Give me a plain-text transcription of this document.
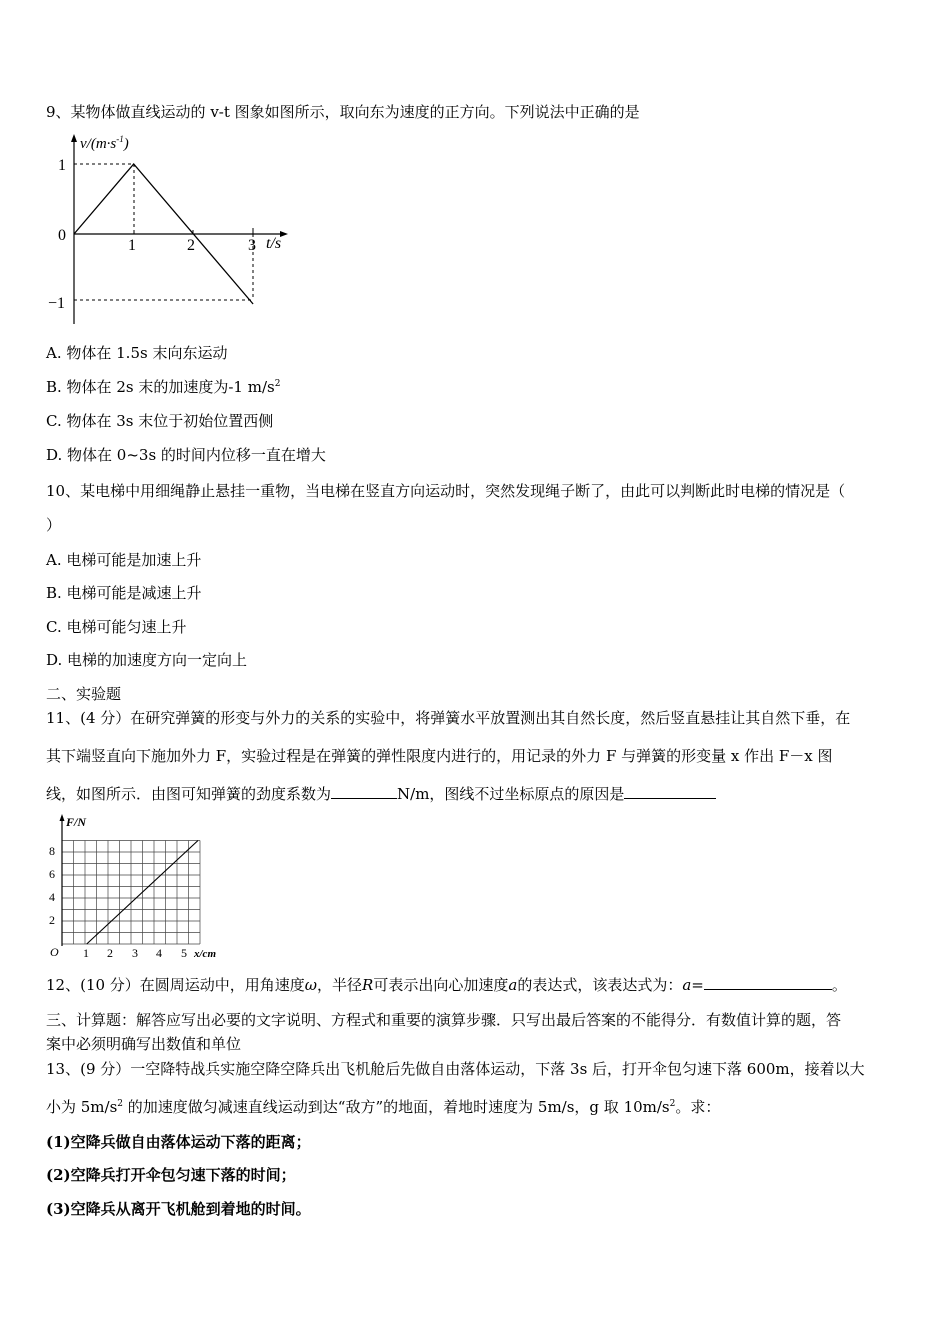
9、某物体做直线运动的 v-t 图象如图所示，取向东为速度的正方向。下列说法中正确的是
$v/(m\cdot s^{-1})$
1
0
−1
1	2	3 t/s
A. 物体在 1.5s 末向东运动
B. 物体在 2s 末的加速度为-1 $m/s^2$
C. 物体在 3s 末位于初始位置西侧
D. 物体在 0~3s 的时间内位移一直在增大
10、某电梯中用细绳静止悬挂一重物，当电梯在竖直方向运动时，突然发现绳子断了，由此可以判断此时电梯的情况是（
）
A. 电梯可能是加速上升
B. 电梯可能是减速上升
C. 电梯可能匀速上升
D. 电梯的加速度方向一定向上
二、实验题
11、(4 分）在研究弹簧的形变与外力的关系的实验中，将弹簧水平放置测出其自然长度，然后竖直悬挂让其自然下垂，在
其下端竖直向下施加外力 F，实验过程是在弹簧的弹性限度内进行的，用记录的外力 F 与弹簧的形变量 x 作出 F－x 图
线，如图所示．由图可知弹簧的劲度系数为	N/m，图线不过坐标原点的原因是
F/N
8
6
4
2
O 1 2 3 4 5 x/cm
12、(10 分）在圆周运动中，用角速度ω，半径R可表示出向心加速度a的表达式，该表达式为：a=	。
三、计算题：解答应写出必要的文字说明、方程式和重要的演算步骤．只写出最后答案的不能得分．有数值计算的题，答
案中必须明确写出数值和单位
13、(9 分）一空降特战兵实施空降空降兵出飞机舱后先做自由落体运动，下落 3s 后，打开伞包匀速下落 600m，接着以大
小为 $5m/s^2$ 的加速度做匀减速直线运动到达“敌方”的地面，着地时速度为 5m/s，g 取 $10m/s^2$。求：
(1)空降兵做自由落体运动下落的距离；
(2)空降兵打开伞包匀速下落的时间；
(3)空降兵从离开飞机舱到着地的时间。
